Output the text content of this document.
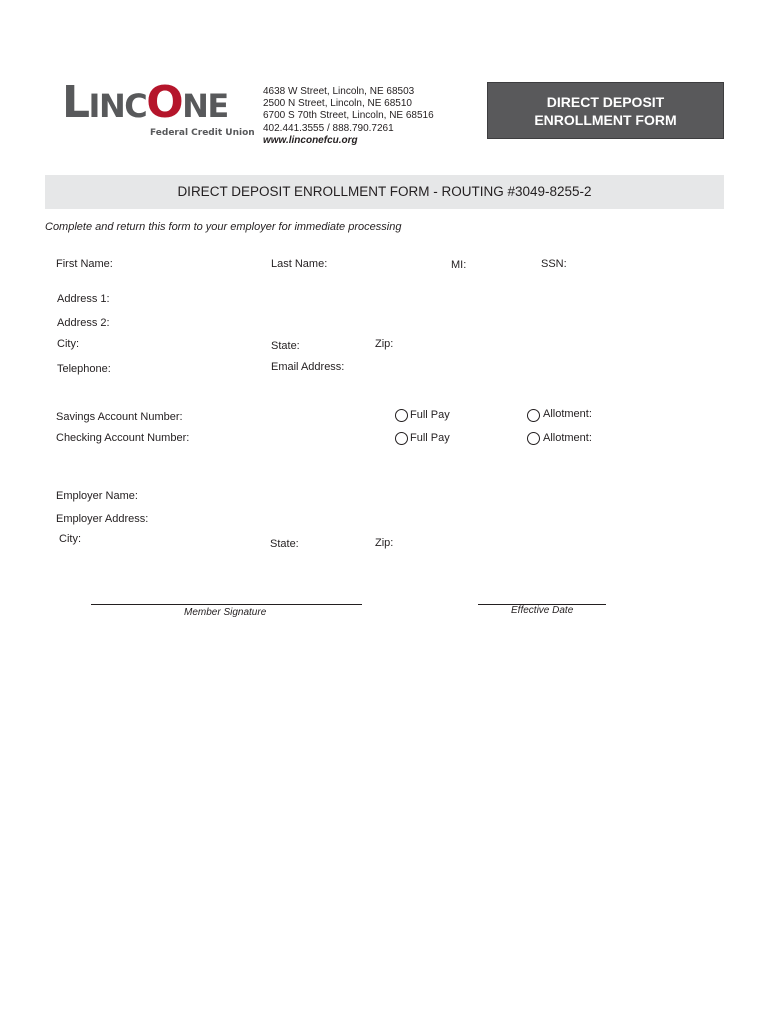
LINCONE
Federal Credit Union
4638 W Street, Lincoln, NE 68503
2500 N Street, Lincoln, NE 68510
6700 S 70th Street, Lincoln, NE 68516
402.441.3555 / 888.790.7261
www.linconefcu.org
DIRECT DEPOSIT
ENROLLMENT FORM
DIRECT DEPOSIT ENROLLMENT FORM - ROUTING #3049-8255-2
Complete and return this form to your employer for immediate processing
First Name:	Last Name:	MI:	SSN:
Address 1:
Address 2:
City:	State:	Zip:
Telephone:	Email Address:
Savings Account Number:	Full Pay	Allotment:
Checking Account Number:	Full Pay	Allotment:
Employer Name:
Employer Address:
City:	State:	Zip:
Member Signature	Effective Date
